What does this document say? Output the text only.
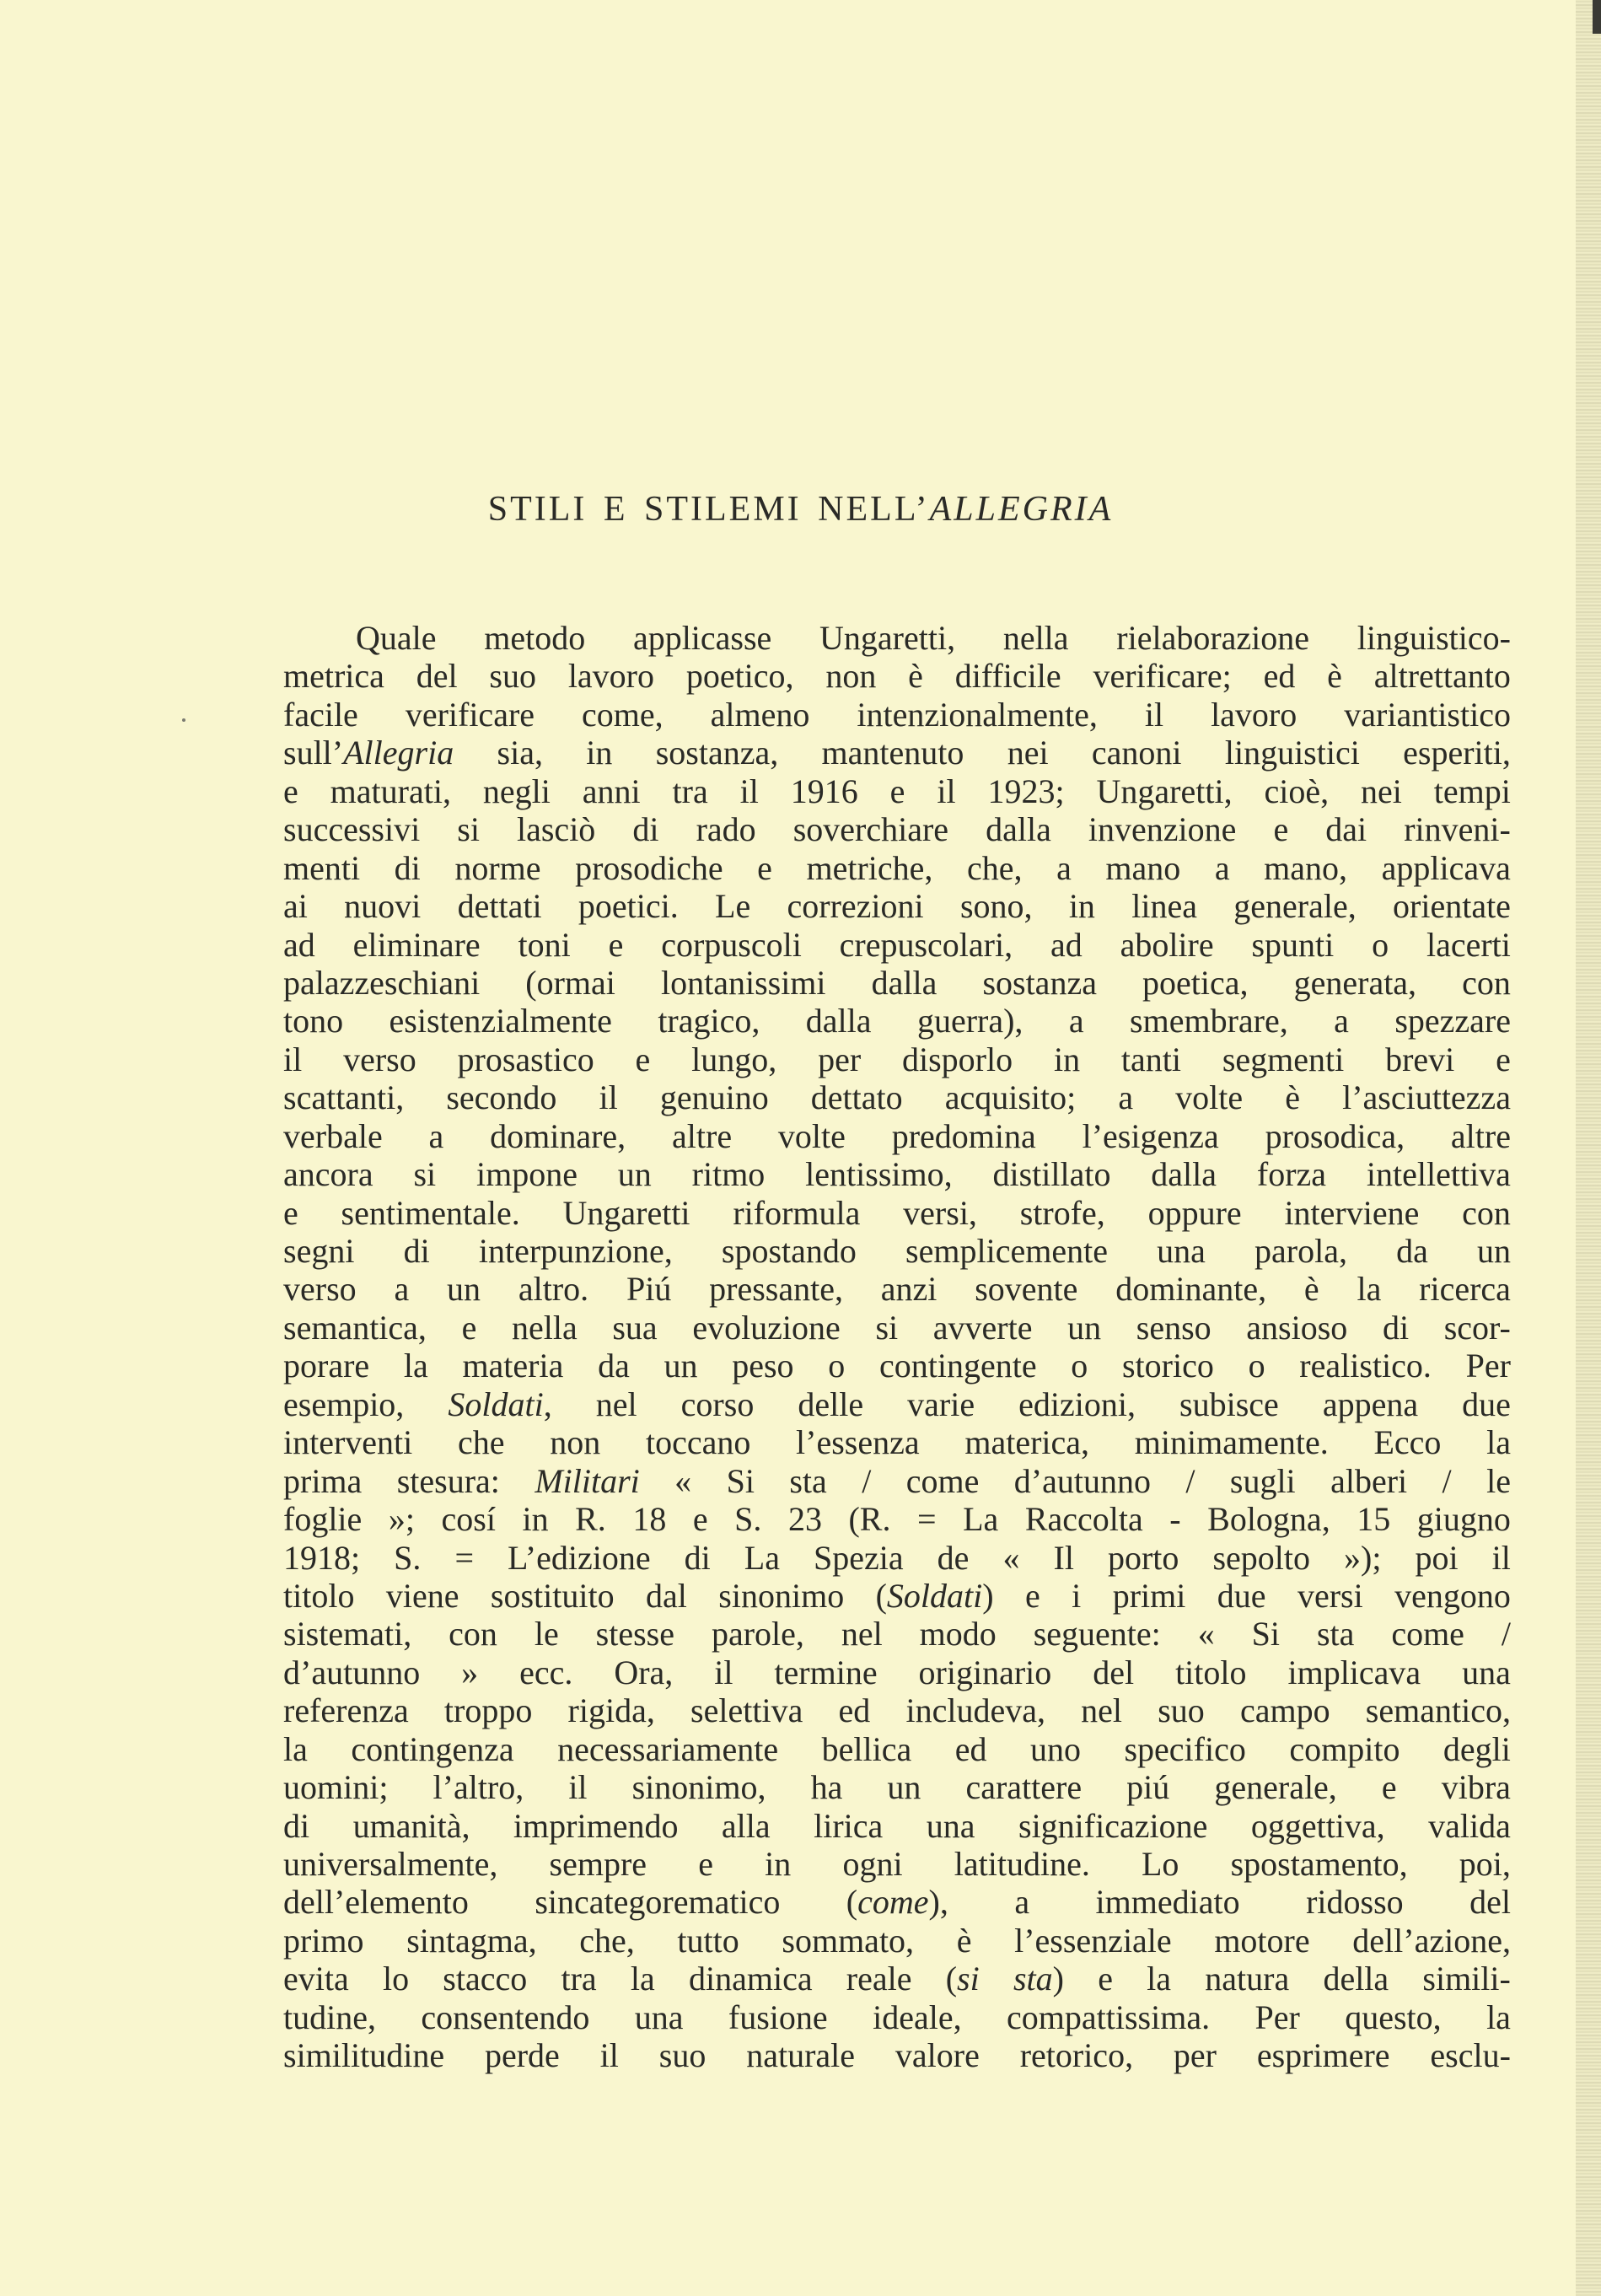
STILI E STILEMI NELL’ALLEGRIA
Quale metodo applicasse Ungaretti, nella rielaborazione linguistico-
metrica del suo lavoro poetico, non è difficile verificare; ed è altrettanto
facile verificare come, almeno intenzionalmente, il lavoro variantistico
sull’Allegria sia, in sostanza, mantenuto nei canoni linguistici esperiti,
e maturati, negli anni tra il 1916 e il 1923; Ungaretti, cioè, nei tempi
successivi si lasciò di rado soverchiare dalla invenzione e dai rinveni-
menti di norme prosodiche e metriche, che, a mano a mano, applicava
ai nuovi dettati poetici. Le correzioni sono, in linea generale, orientate
ad eliminare toni e corpuscoli crepuscolari, ad abolire spunti o lacerti
palazzeschiani (ormai lontanissimi dalla sostanza poetica, generata, con
tono esistenzialmente tragico, dalla guerra), a smembrare, a spezzare
il verso prosastico e lungo, per disporlo in tanti segmenti brevi e
scattanti, secondo il genuino dettato acquisito; a volte è l’asciuttezza
verbale a dominare, altre volte predomina l’esigenza prosodica, altre
ancora si impone un ritmo lentissimo, distillato dalla forza intellettiva
e sentimentale. Ungaretti riformula versi, strofe, oppure interviene con
segni di interpunzione, spostando semplicemente una parola, da un
verso a un altro. Piú pressante, anzi sovente dominante, è la ricerca
semantica, e nella sua evoluzione si avverte un senso ansioso di scor-
porare la materia da un peso o contingente o storico o realistico. Per
esempio, Soldati, nel corso delle varie edizioni, subisce appena due
interventi che non toccano l’essenza materica, minimamente. Ecco la
prima stesura: Militari « Si sta / come d’autunno / sugli alberi / le
foglie »; cosí in R. 18 e S. 23 (R. = La Raccolta - Bologna, 15 giugno
1918; S. = L’edizione di La Spezia de « Il porto sepolto »); poi il
titolo viene sostituito dal sinonimo (Soldati) e i primi due versi vengono
sistemati, con le stesse parole, nel modo seguente: « Si sta come /
d’autunno » ecc. Ora, il termine originario del titolo implicava una
referenza troppo rigida, selettiva ed includeva, nel suo campo semantico,
la contingenza necessariamente bellica ed uno specifico compito degli
uomini; l’altro, il sinonimo, ha un carattere piú generale, e vibra
di umanità, imprimendo alla lirica una significazione oggettiva, valida
universalmente, sempre e in ogni latitudine. Lo spostamento, poi,
dell’elemento sincategorematico (come), a immediato ridosso del
primo sintagma, che, tutto sommato, è l’essenziale motore dell’azione,
evita lo stacco tra la dinamica reale (si sta) e la natura della simili-
tudine, consentendo una fusione ideale, compattissima. Per questo, la
similitudine perde il suo naturale valore retorico, per esprimere esclu-
